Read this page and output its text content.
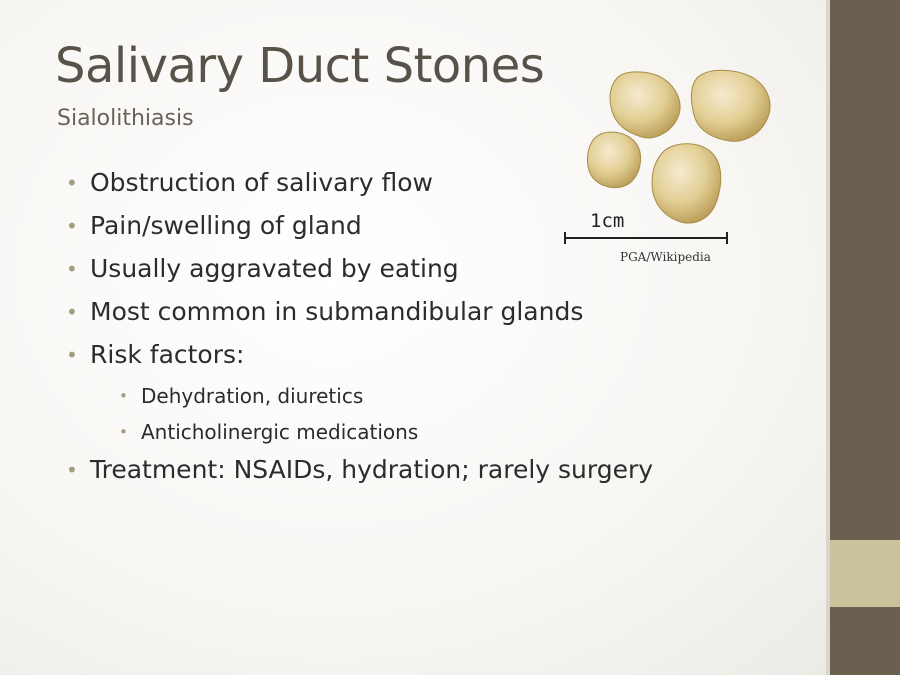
Salivary Duct Stones
Sialolithiasis
• Obstruction of salivary flow
• Pain/swelling of gland
• Usually aggravated by eating
• Most common in submandibular glands
• Risk factors:
• Dehydration, diuretics
• Anticholinergic medications
• Treatment: NSAIDs, hydration; rarely surgery
1cm
PGA/Wikipedia
